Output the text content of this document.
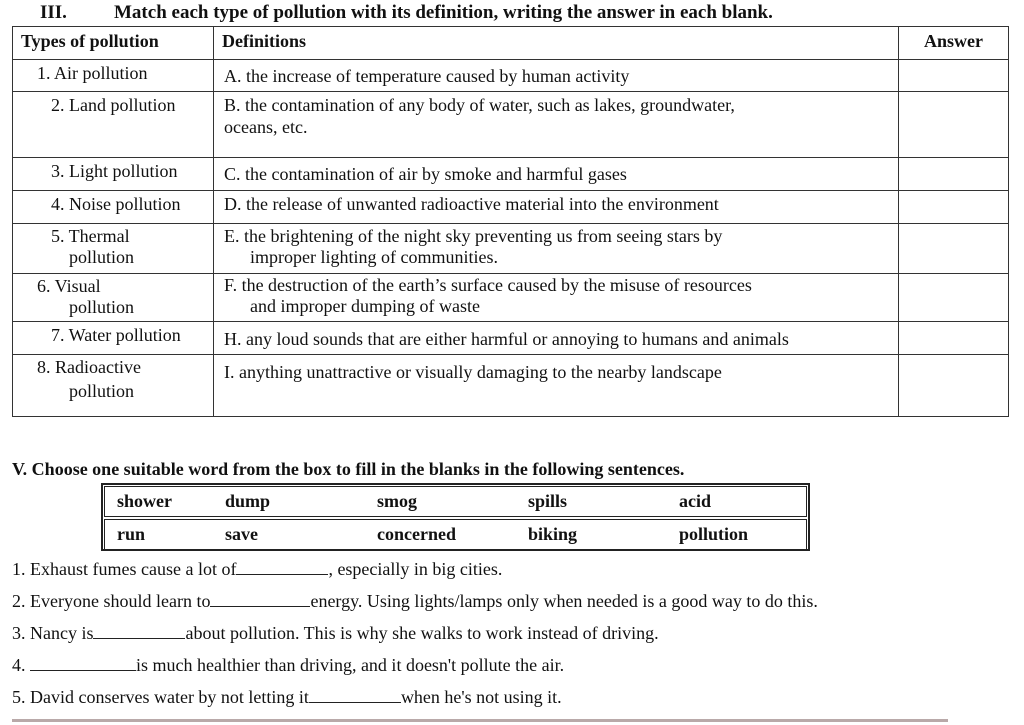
III. Match each type of pollution with its definition, writing the answer in each blank.
Types of pollution	Definitions	Answer

1. Air pollution	A. the increase of temperature caused by human activity	

2. Land pollution	B. the contamination of any body of water, such as lakes, groundwater,
oceans, etc.	

3. Light pollution	C. the contamination of air by smoke and harmful gases	

4. Noise pollution	D. the release of unwanted radioactive material into the environment	

5. Thermal
pollution	E. the brightening of the night sky preventing us from seeing stars by
improper lighting of communities.	

6. Visual
pollution	F. the destruction of the earth’s surface caused by the misuse of resources
and improper dumping of waste	

7. Water pollution	H. any loud sounds that are either harmful or annoying to humans and animals	

8. Radioactive
pollution	I. anything unattractive or visually damaging to the nearby landscape	

V. Choose one suitable word from the box to fill in the blanks in the following sentences.
shower	dump	smog	spills	acid
run	save	concerned	biking	pollution
1. Exhaust fumes cause a lot of	, especially in big cities.
2. Everyone should learn to	energy. Using lights/lamps only when needed is a good way to do this.
3. Nancy is	about pollution. This is why she walks to work instead of driving.
4.	is much healthier than driving, and it doesn't pollute the air.
5. David conserves water by not letting it	when he's not using it.
